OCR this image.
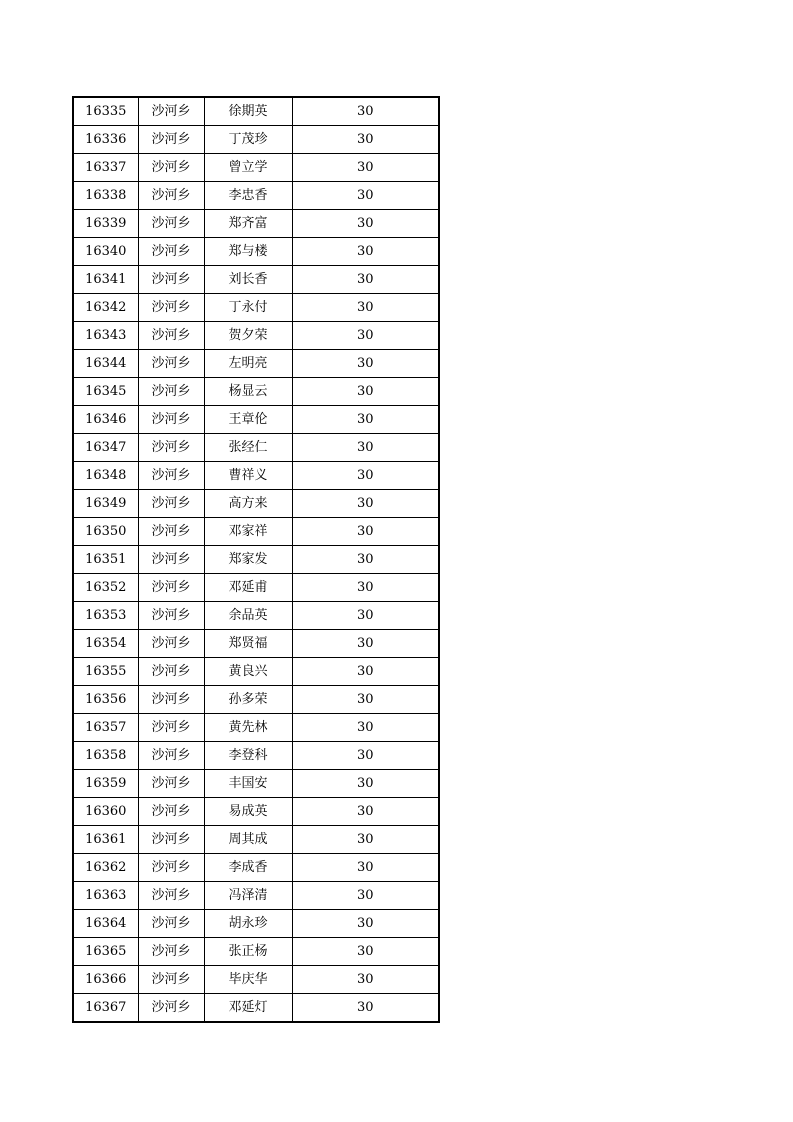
16335	沙河乡	徐期英	30
16336	沙河乡	丁茂珍	30
16337	沙河乡	曾立学	30
16338	沙河乡	李忠香	30
16339	沙河乡	郑齐富	30
16340	沙河乡	郑与楼	30
16341	沙河乡	刘长香	30
16342	沙河乡	丁永付	30
16343	沙河乡	贺夕荣	30
16344	沙河乡	左明亮	30
16345	沙河乡	杨显云	30
16346	沙河乡	王章伦	30
16347	沙河乡	张经仁	30
16348	沙河乡	曹祥义	30
16349	沙河乡	高方来	30
16350	沙河乡	邓家祥	30
16351	沙河乡	郑家发	30
16352	沙河乡	邓延甫	30
16353	沙河乡	余品英	30
16354	沙河乡	郑贤福	30
16355	沙河乡	黄良兴	30
16356	沙河乡	孙多荣	30
16357	沙河乡	黄先林	30
16358	沙河乡	李登科	30
16359	沙河乡	丰国安	30
16360	沙河乡	易成英	30
16361	沙河乡	周其成	30
16362	沙河乡	李成香	30
16363	沙河乡	冯泽清	30
16364	沙河乡	胡永珍	30
16365	沙河乡	张正杨	30
16366	沙河乡	毕庆华	30
16367	沙河乡	邓延灯	30
